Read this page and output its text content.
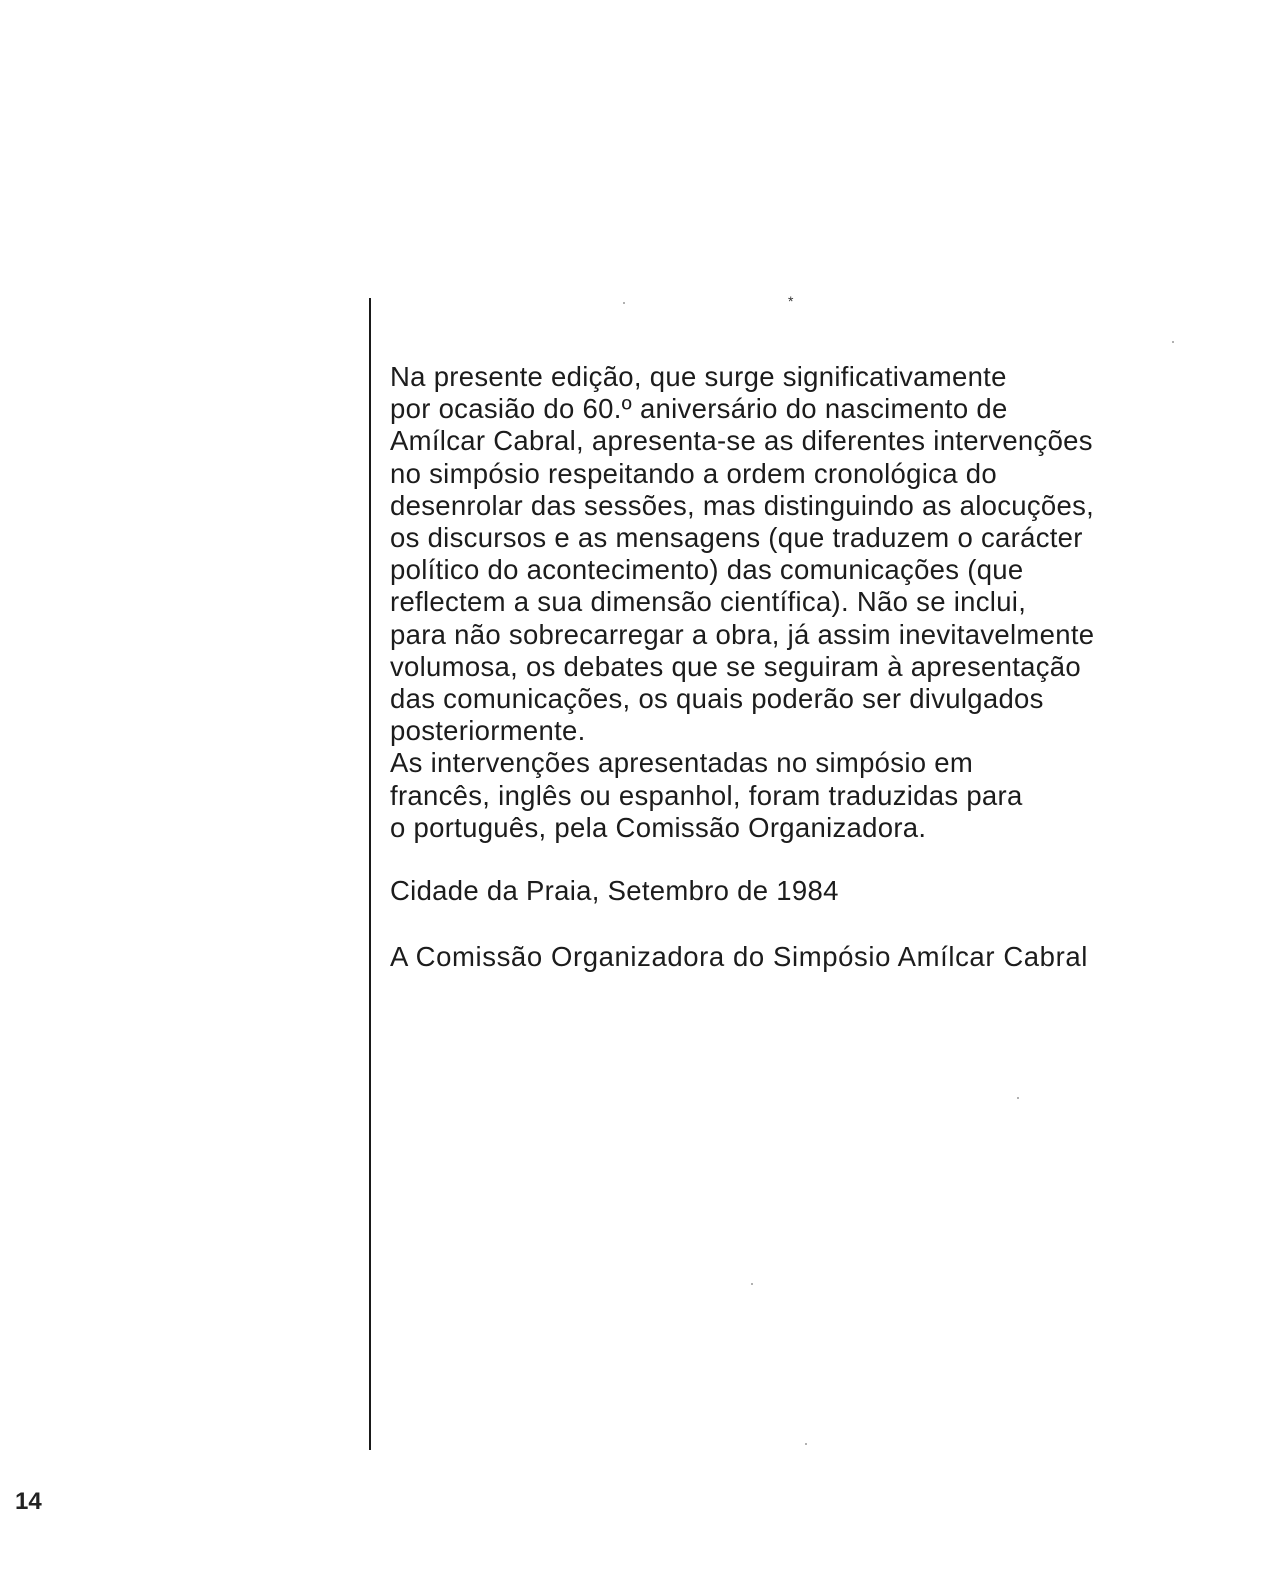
*
Na presente edição, que surge significativamente
por ocasião do 60.º aniversário do nascimento de
Amílcar Cabral, apresenta-se as diferentes intervenções
no simpósio respeitando a ordem cronológica do
desenrolar das sessões, mas distinguindo as alocuções,
os discursos e as mensagens (que traduzem o carácter
político do acontecimento) das comunicações (que
reflectem a sua dimensão científica). Não se inclui,
para não sobrecarregar a obra, já assim inevitavelmente
volumosa, os debates que se seguiram à apresentação
das comunicações, os quais poderão ser divulgados
posteriormente.
As intervenções apresentadas no simpósio em
francês, inglês ou espanhol, foram traduzidas para
o português, pela Comissão Organizadora.

Cidade da Praia, Setembro de 1984

A Comissão Organizadora do Simpósio Amílcar Cabral

14
